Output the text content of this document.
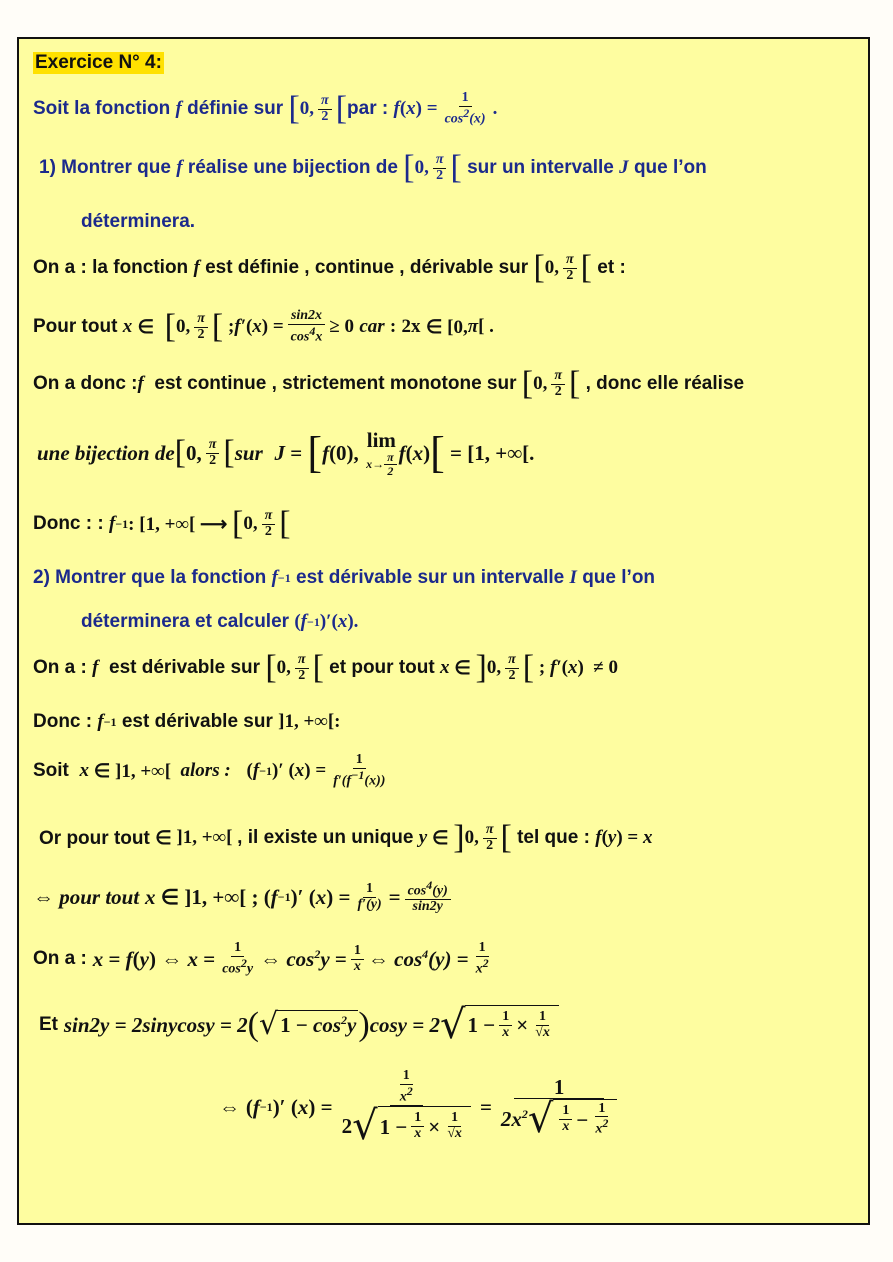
Exercice N° 4:
Soit la fonction
f
définie sur
[ 0, $\frac{\pi}{2}$ [ par :
f ( x ) = $\frac{1}{\cos 2(x)}$ .
1) Montrer que
f
réalise une bijection de
[ 0, $\frac{\pi}{2}$ [
sur un intervalle
J
que l’on
déterminera.
On a : la fonction
f
est définie , continue , dérivable sur
[ 0, $\frac{\pi}{2}$ [
et :
Pour tout
x
∈
[ 0, $\frac{\pi}{2}$ [ ; f′ ( x ) = $\frac{\sin 2x}{\cos 4x} \ge 0$
car
:
2x
∈ [0, π [ .
On a donc : f
est continue , strictement monotone sur
[ 0, $\frac{\pi}{2}$ [
, donc elle réalise
une bijection de [ 0, $\frac{\pi}{2}$ [ sur
J = [ f (0),
lim
$x\to \frac{\pi}{2}$ f ( x ) [ = [1, +∞[.
Donc : :
f −1 : [1, +∞[ ⟶ [ 0, $\frac{\pi}{2}$ [
2) Montrer que la fonction
f −1
est dérivable sur un intervalle
I
que l’on
déterminera et calculer
( f −1 )′( x ).
On a :
f
est dérivable sur
[ 0, $\frac{\pi}{2}$ [
et pour tout
x ∈ ] 0, $\frac{\pi}{2}$ [ ; f′ ( x )  ≠ 0
Donc :
f −1
est dérivable sur
]1, +∞[:
Soit
x ∈ ]1, +∞[ alors :
( f −1 )′ ( x ) = $\frac{1}{f'(f-1(x))}$
Or pour tout ∈ ]1, +∞[ , il existe un unique
y ∈ ] 0, $\frac{\pi}{2}$ [
tel que :
f ( y ) = x
⇔ pour tout
x ∈ ]1, +∞[ ; ( f −1 )′ ( x ) = $\frac{1}{f'(y)} = \frac{\cos 4(y)}{\sin 2y}$
On a :
x = f ( y ) ⇔ $x = \frac{1}{\cos 2y}$ ⇔ $\cos^2y = \frac{1}{x}$ ⇔ $\cos^4(y) = \frac{1}{x2}$
Et
sin2y = 2sinycosy = 2 ( √ $1 - \cos^2y$ ) cosy = 2 √ $1 - \frac{1}{x} \times \frac{1}{√x}$
⇔
( f −1 )′ ( x ) = $\frac{\frac{1}{x2}}{2 √ 1 - \frac{1}{x} \times \frac{1}{√x}} = \frac{1}{2x^2 √ \frac{1}{x} - \frac{1}{x2}}$
